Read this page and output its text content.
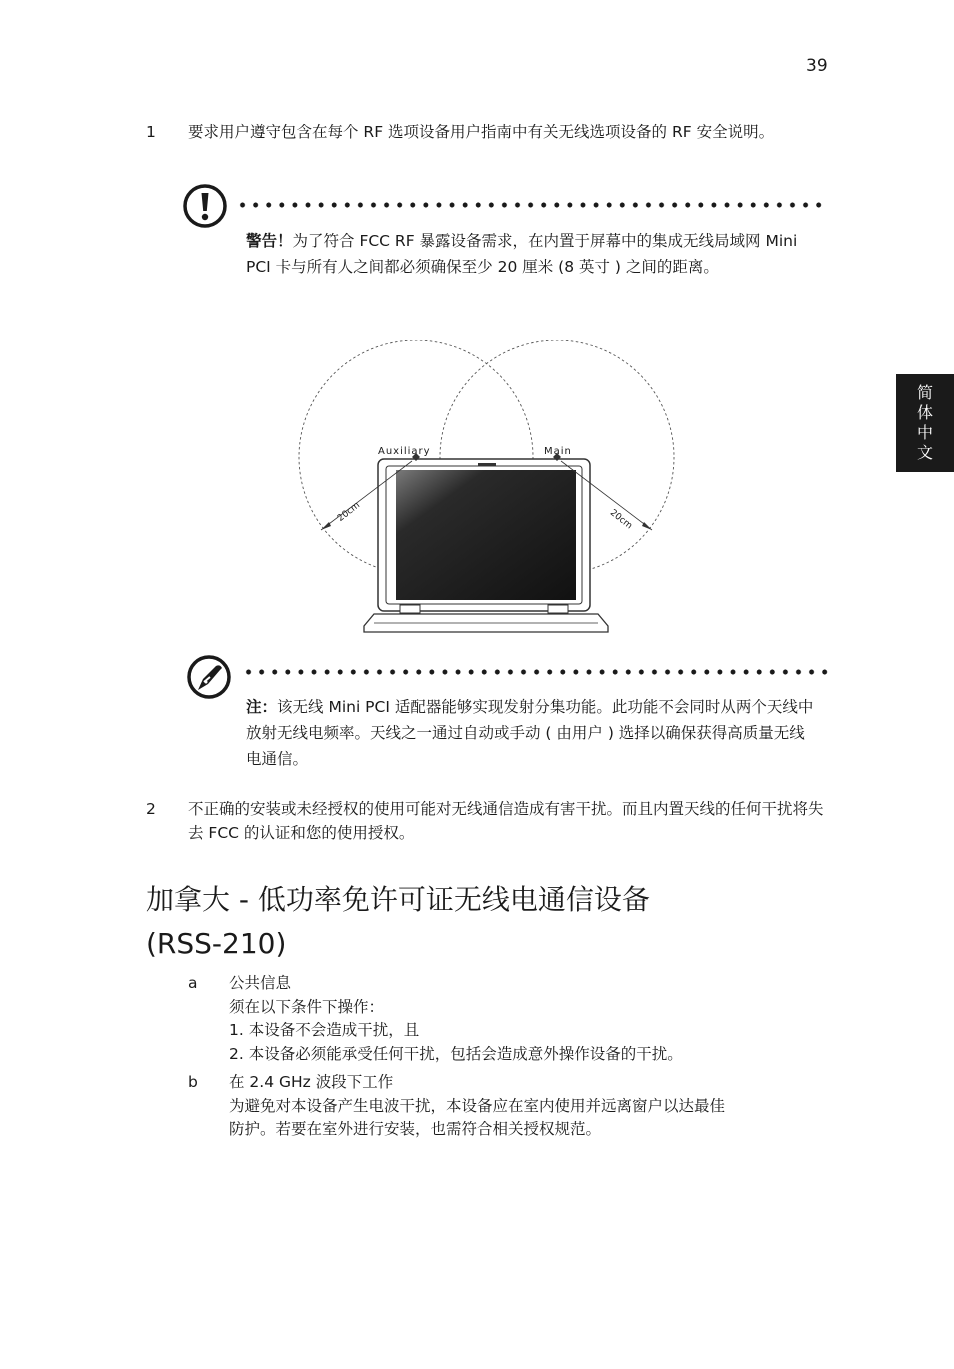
39
简
体
中
文
1 要求用户遵守包含在每个 RF 选项设备用户指南中有关无线选项设备的 RF 安全说明。
警告！为了符合 FCC RF 暴露设备需求，在内置于屏幕中的集成无线局域网 Mini PCI 卡与所有人之间都必须确保至少 20 厘米 (8 英寸 ) 之间的距离。
Auxiliary	Main
20cm	20cm
注：该无线 Mini PCI 适配器能够实现发射分集功能。此功能不会同时从两个天线中放射无线电频率。天线之一通过自动或手动 ( 由用户 ) 选择以确保获得高质量无线电通信。
2 不正确的安装或未经授权的使用可能对无线通信造成有害干扰。而且内置天线的任何干扰将失去 FCC 的认证和您的使用授权。
加拿大 - 低功率免许可证无线电通信设备
(RSS-210)
a 公共信息
须在以下条件下操作：
1. 本设备不会造成干扰，且
2. 本设备必须能承受任何干扰，包括会造成意外操作设备的干扰。
b 在 2.4 GHz 波段下工作
为避免对本设备产生电波干扰，本设备应在室内使用并远离窗户以达最佳
防护。若要在室外进行安装，也需符合相关授权规范。
